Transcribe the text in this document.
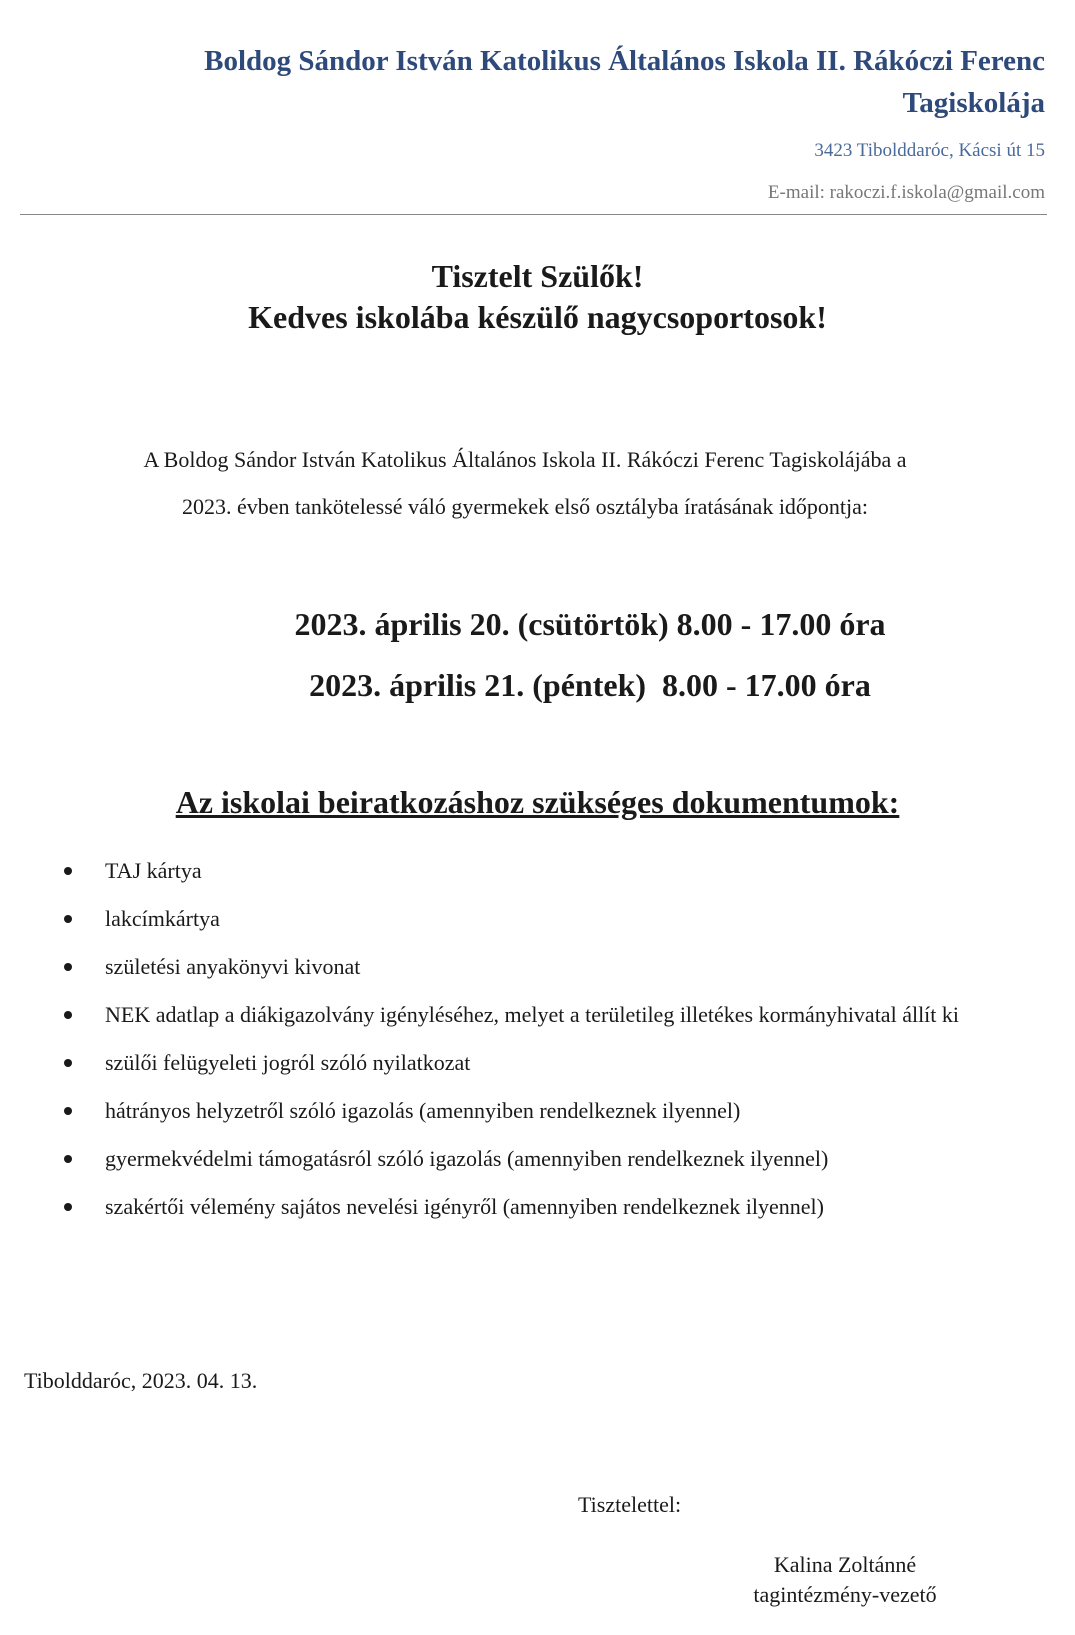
Boldog Sándor István Katolikus Általános Iskola II. Rákóczi Ferenc
Tagiskolája
3423 Tibolddaróc, Kácsi út 15
E-mail: rakoczi.f.iskola@gmail.com
Tisztelt Szülők!
Kedves iskolába készülő nagycsoportosok!
A Boldog Sándor István Katolikus Általános Iskola II. Rákóczi Ferenc Tagiskolájába a
2023. évben tankötelessé váló gyermekek első osztályba íratásának időpontja:
2023. április 20. (csütörtök) 8.00 - 17.00 óra
2023. április 21. (péntek)  8.00 - 17.00 óra
Az iskolai beiratkozáshoz szükséges dokumentumok:
TAJ kártya
lakcímkártya
születési anyakönyvi kivonat
NEK adatlap a diákigazolvány igényléséhez, melyet a területileg illetékes kormányhivatal állít ki
szülői felügyeleti jogról szóló nyilatkozat
hátrányos helyzetről szóló igazolás (amennyiben rendelkeznek ilyennel)
gyermekvédelmi támogatásról szóló igazolás (amennyiben rendelkeznek ilyennel)
szakértői vélemény sajátos nevelési igényről (amennyiben rendelkeznek ilyennel)
Tibolddaróc, 2023. 04. 13.
Tisztelettel:
Kalina Zoltánné
tagintézmény-vezető
